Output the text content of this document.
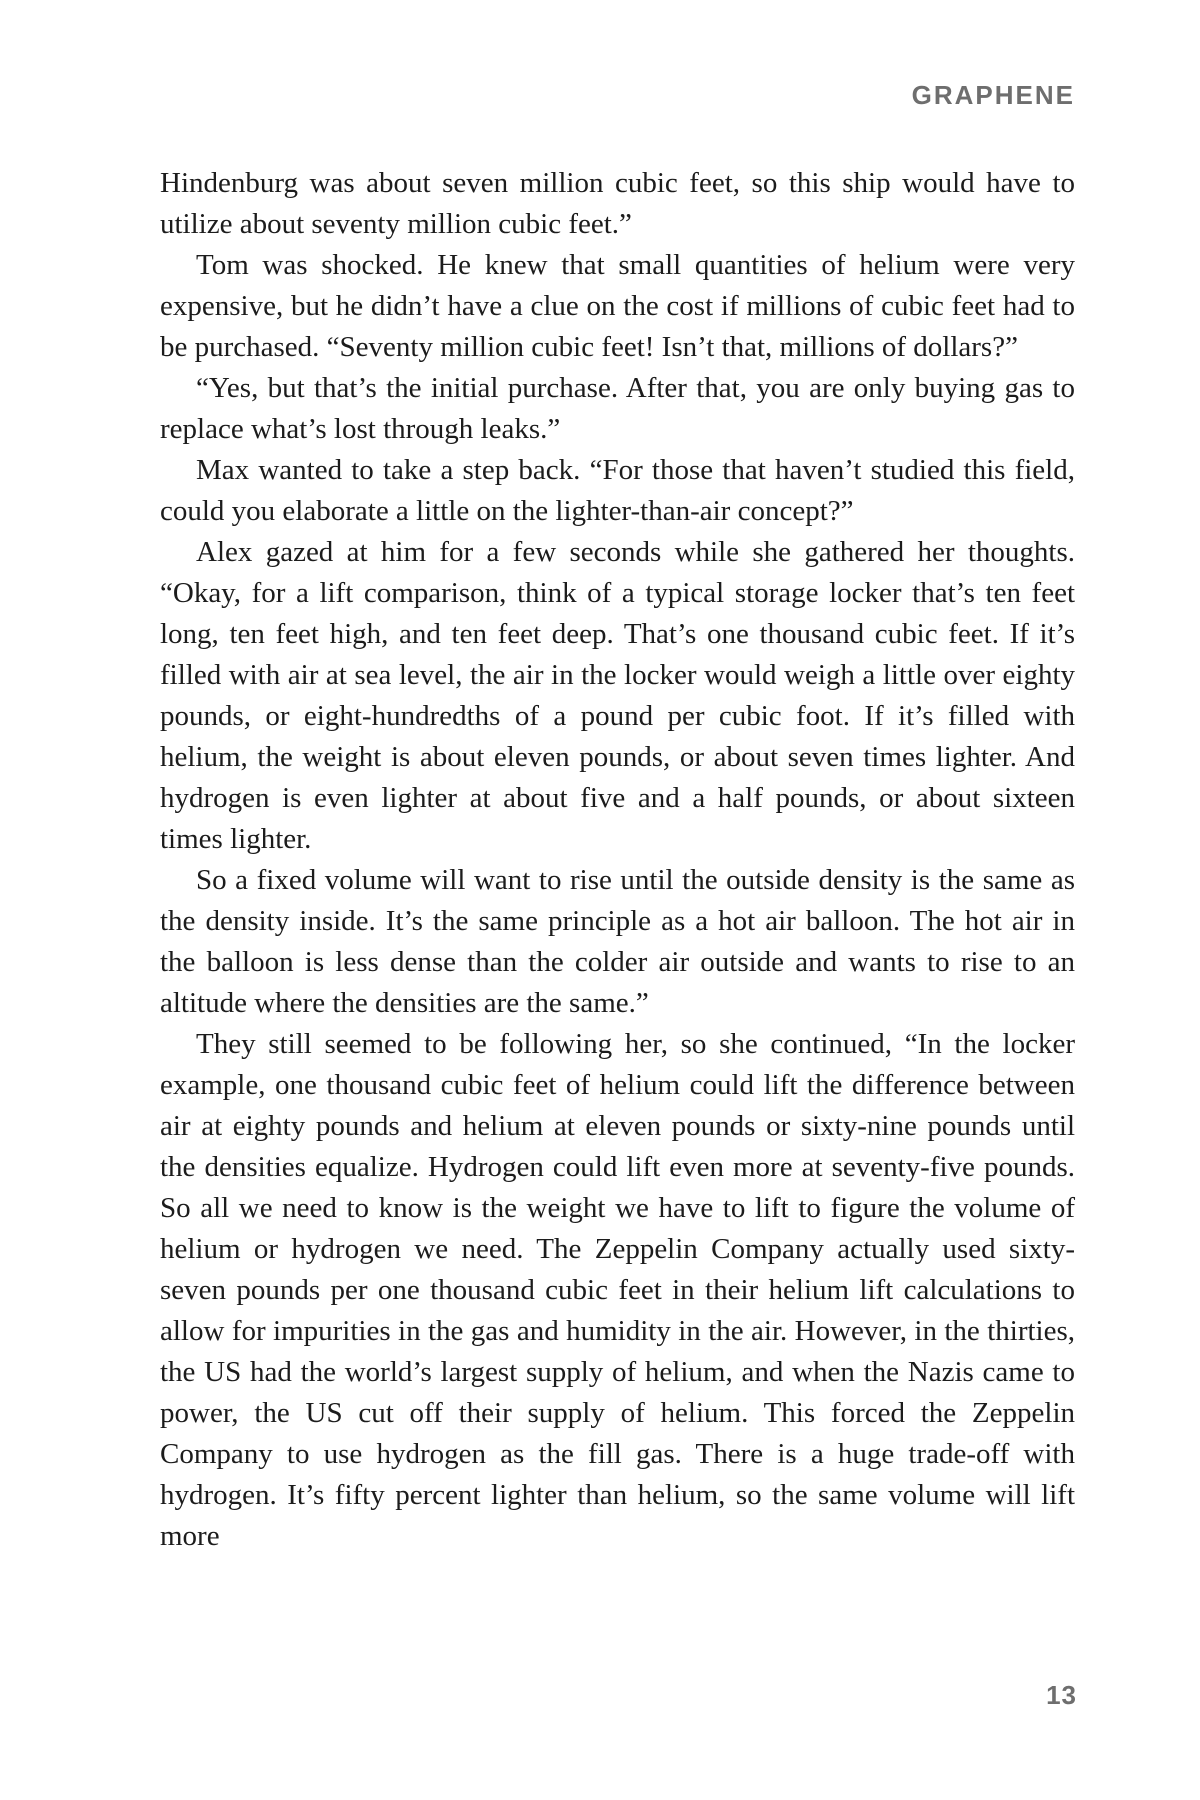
GRAPHENE

Hindenburg was about seven million cubic feet, so this ship would have to utilize about seventy million cubic feet.”

Tom was shocked. He knew that small quantities of helium were very expensive, but he didn’t have a clue on the cost if millions of cubic feet had to be purchased. “Seventy million cubic feet! Isn’t that, millions of dollars?”

“Yes, but that’s the initial purchase. After that, you are only buying gas to replace what’s lost through leaks.”

Max wanted to take a step back. “For those that haven’t studied this field, could you elaborate a little on the lighter-than-air concept?”

Alex gazed at him for a few seconds while she gathered her thoughts. “Okay, for a lift comparison, think of a typical storage locker that’s ten feet long, ten feet high, and ten feet deep. That’s one thousand cubic feet. If it’s filled with air at sea level, the air in the locker would weigh a little over eighty pounds, or eight-hundredths of a pound per cubic foot. If it’s filled with helium, the weight is about eleven pounds, or about seven times lighter. And hydrogen is even lighter at about five and a half pounds, or about sixteen times lighter.

So a fixed volume will want to rise until the outside density is the same as the density inside. It’s the same principle as a hot air balloon. The hot air in the balloon is less dense than the colder air outside and wants to rise to an altitude where the densities are the same.”

They still seemed to be following her, so she continued, “In the locker example, one thousand cubic feet of helium could lift the difference between air at eighty pounds and helium at eleven pounds or sixty-nine pounds until the densities equalize. Hydrogen could lift even more at seventy-five pounds. So all we need to know is the weight we have to lift to figure the volume of helium or hydrogen we need. The Zeppelin Company actually used sixty-seven pounds per one thousand cubic feet in their helium lift calculations to allow for impurities in the gas and humidity in the air. However, in the thirties, the US had the world’s largest supply of helium, and when the Nazis came to power, the US cut off their supply of helium. This forced the Zeppelin Company to use hydrogen as the fill gas. There is a huge trade-off with hydrogen. It’s fifty percent lighter than helium, so the same volume will lift more

13
